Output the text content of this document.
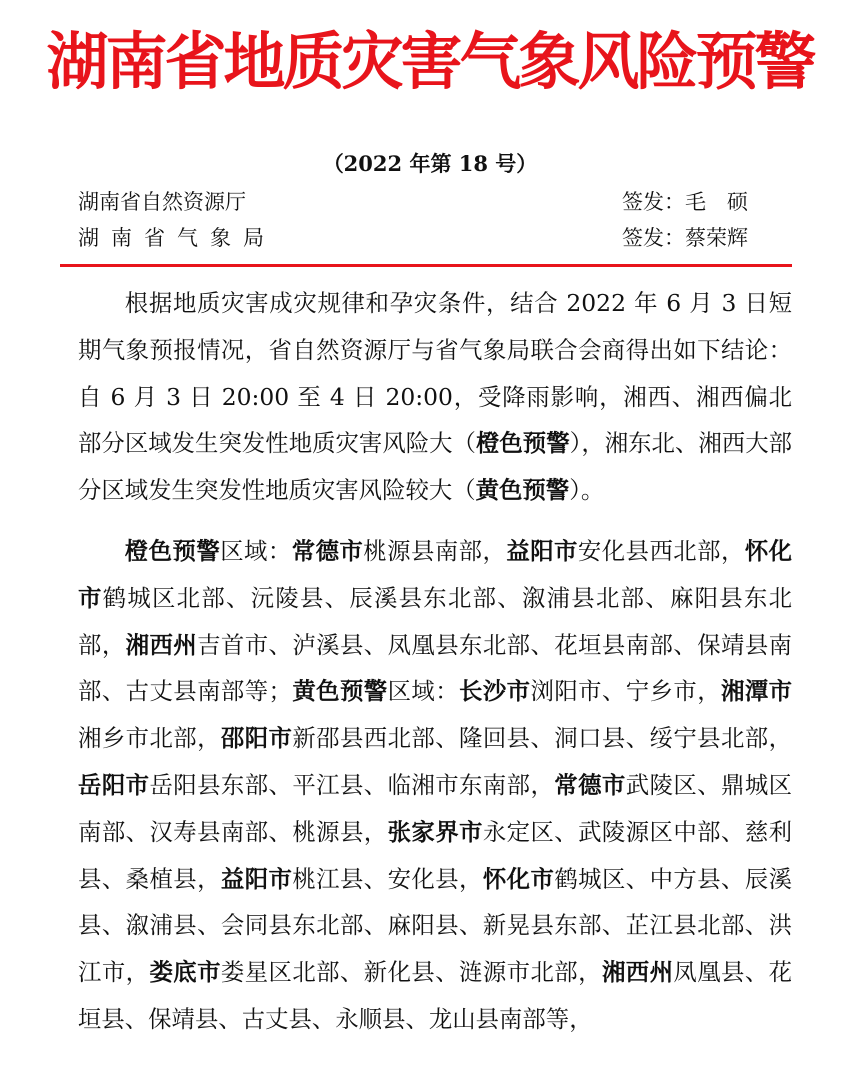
湖南省地质灾害气象风险预警
（2022 年第 18 号）
湖南省自然资源厅
湖南省气象局
签发：毛　硕
签发：蔡荣辉

根据地质灾害成灾规律和孕灾条件，结合 2022 年 6 月 3 日短期气象预报情况，省自然资源厅与省气象局联合会商得出如下结论：自 6 月 3 日 20:00 至 4 日 20:00，受降雨影响，湘西、湘西偏北部分区域发生突发性地质灾害风险大（橙色预警），湘东北、湘西大部分区域发生突发性地质灾害风险较大（黄色预警）。

橙色预警区域：常德市桃源县南部，益阳市安化县西北部，怀化市鹤城区北部、沅陵县、辰溪县东北部、溆浦县北部、麻阳县东北部，湘西州吉首市、泸溪县、凤凰县东北部、花垣县南部、保靖县南部、古丈县南部等；黄色预警区域：长沙市浏阳市、宁乡市，湘潭市湘乡市北部，邵阳市新邵县西北部、隆回县、洞口县、绥宁县北部，岳阳市岳阳县东部、平江县、临湘市东南部，常德市武陵区、鼎城区南部、汉寿县南部、桃源县，张家界市永定区、武陵源区中部、慈利县、桑植县，益阳市桃江县、安化县，怀化市鹤城区、中方县、辰溪县、溆浦县、会同县东北部、麻阳县、新晃县东部、芷江县北部、洪江市，娄底市娄星区北部、新化县、涟源市北部，湘西州凤凰县、花垣县、保靖县、古丈县、永顺县、龙山县南部等，
